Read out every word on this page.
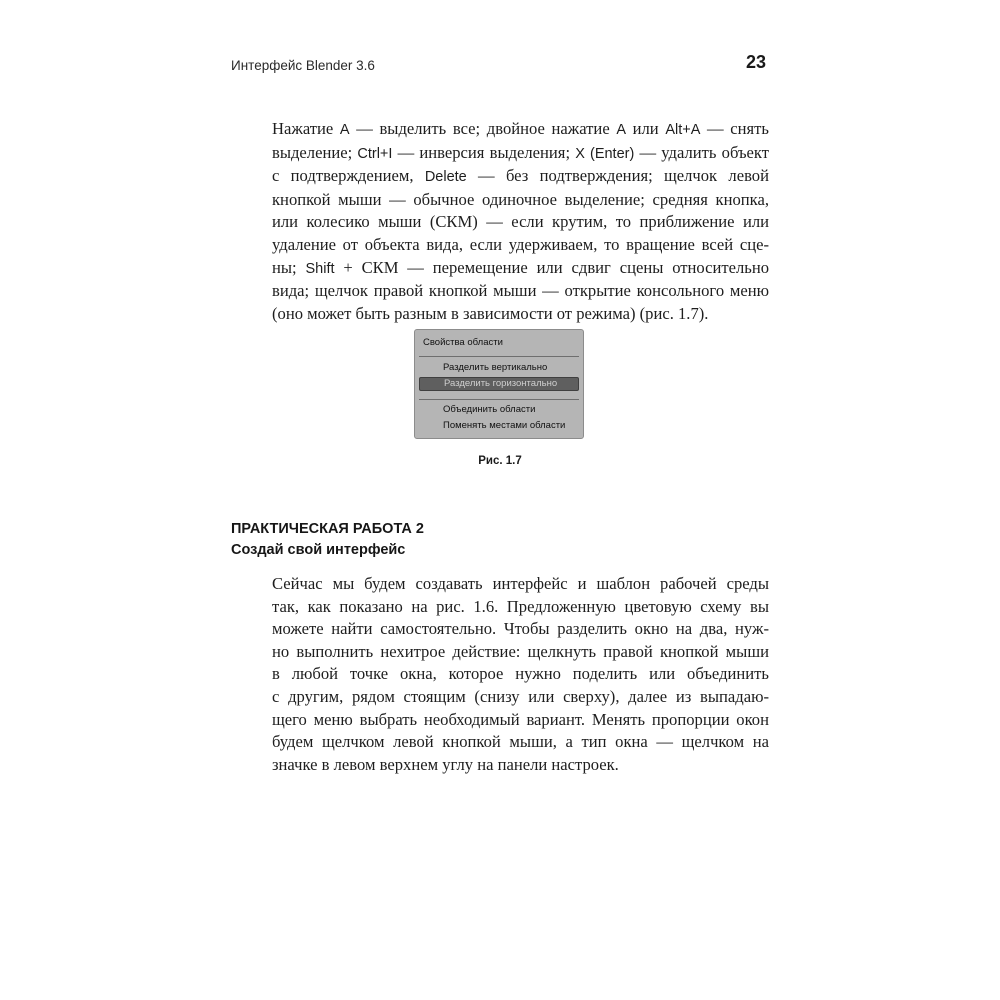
Интерфейс Blender 3.6	23
Нажатие A — выделить все; двойное нажатие A или Alt+A — снять
выделение; Ctrl+I — инверсия выделения; X (Enter) — удалить объект
с подтверждением, Delete — без подтверждения; щелчок левой
кнопкой мыши — обычное одиночное выделение; средняя кнопка,
или колесико мыши (СКМ) — если крутим, то приближение или
удаление от объекта вида, если удерживаем, то вращение всей сце-
ны; Shift + СКМ — перемещение или сдвиг сцены относительно
вида; щелчок правой кнопкой мыши — открытие консольного меню
(оно может быть разным в зависимости от режима) (рис. 1.7).
Свойства области
Разделить вертикально
Разделить горизонтально
Объединить области
Поменять местами области
Рис. 1.7
ПРАКТИЧЕСКАЯ РАБОТА 2
Создай свой интерфейс
Сейчас мы будем создавать интерфейс и шаблон рабочей среды
так, как показано на рис. 1.6. Предложенную цветовую схему вы
можете найти самостоятельно. Чтобы разделить окно на два, нуж-
но выполнить нехитрое действие: щелкнуть правой кнопкой мыши
в любой точке окна, которое нужно поделить или объединить
с другим, рядом стоящим (снизу или сверху), далее из выпадаю-
щего меню выбрать необходимый вариант. Менять пропорции окон
будем щелчком левой кнопкой мыши, а тип окна — щелчком на
значке в левом верхнем углу на панели настроек.
